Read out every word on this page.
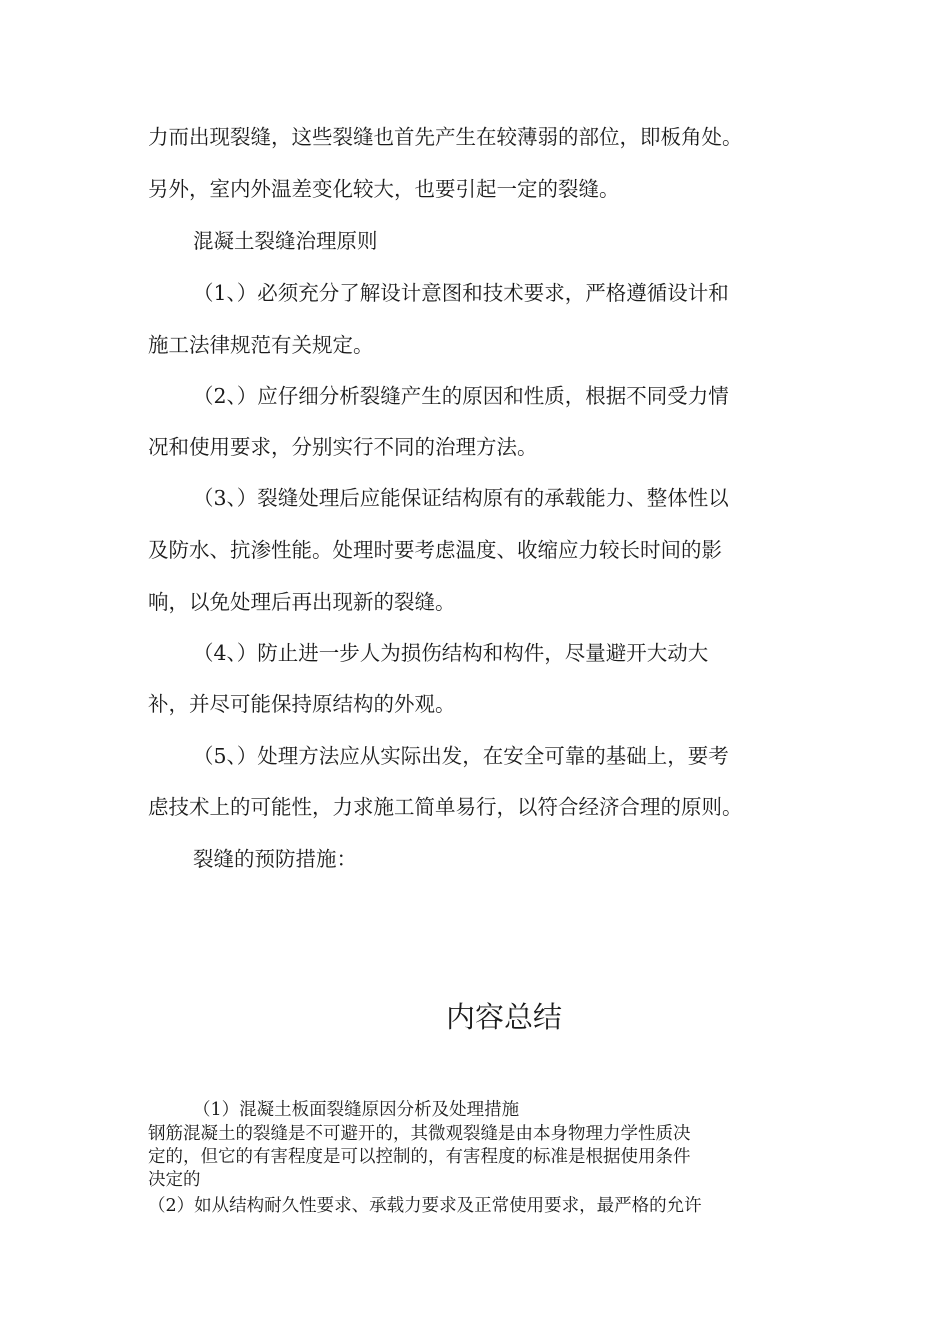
力而出现裂缝，这些裂缝也首先产生在较薄弱的部位，即板角处。
另外，室内外温差变化较大，也要引起一定的裂缝。
混凝土裂缝治理原则
（1、）必须充分了解设计意图和技术要求，严格遵循设计和
施工法律规范有关规定。
（2、）应仔细分析裂缝产生的原因和性质，根据不同受力情
况和使用要求，分别实行不同的治理方法。
（3、）裂缝处理后应能保证结构原有的承载能力、整体性以
及防水、抗渗性能。处理时要考虑温度、收缩应力较长时间的影
响，以免处理后再出现新的裂缝。
（4、）防止进一步人为损伤结构和构件，尽量避开大动大
补，并尽可能保持原结构的外观。
（5、）处理方法应从实际出发，在安全可靠的基础上，要考
虑技术上的可能性，力求施工简单易行，以符合经济合理的原则。
裂缝的预防措施：
内容总结
（1）混凝土板面裂缝原因分析及处理措施
钢筋混凝土的裂缝是不可避开的，其微观裂缝是由本身物理力学性质决
定的，但它的有害程度是可以控制的，有害程度的标准是根据使用条件
决定的
（2）如从结构耐久性要求、承载力要求及正常使用要求，最严格的允许
